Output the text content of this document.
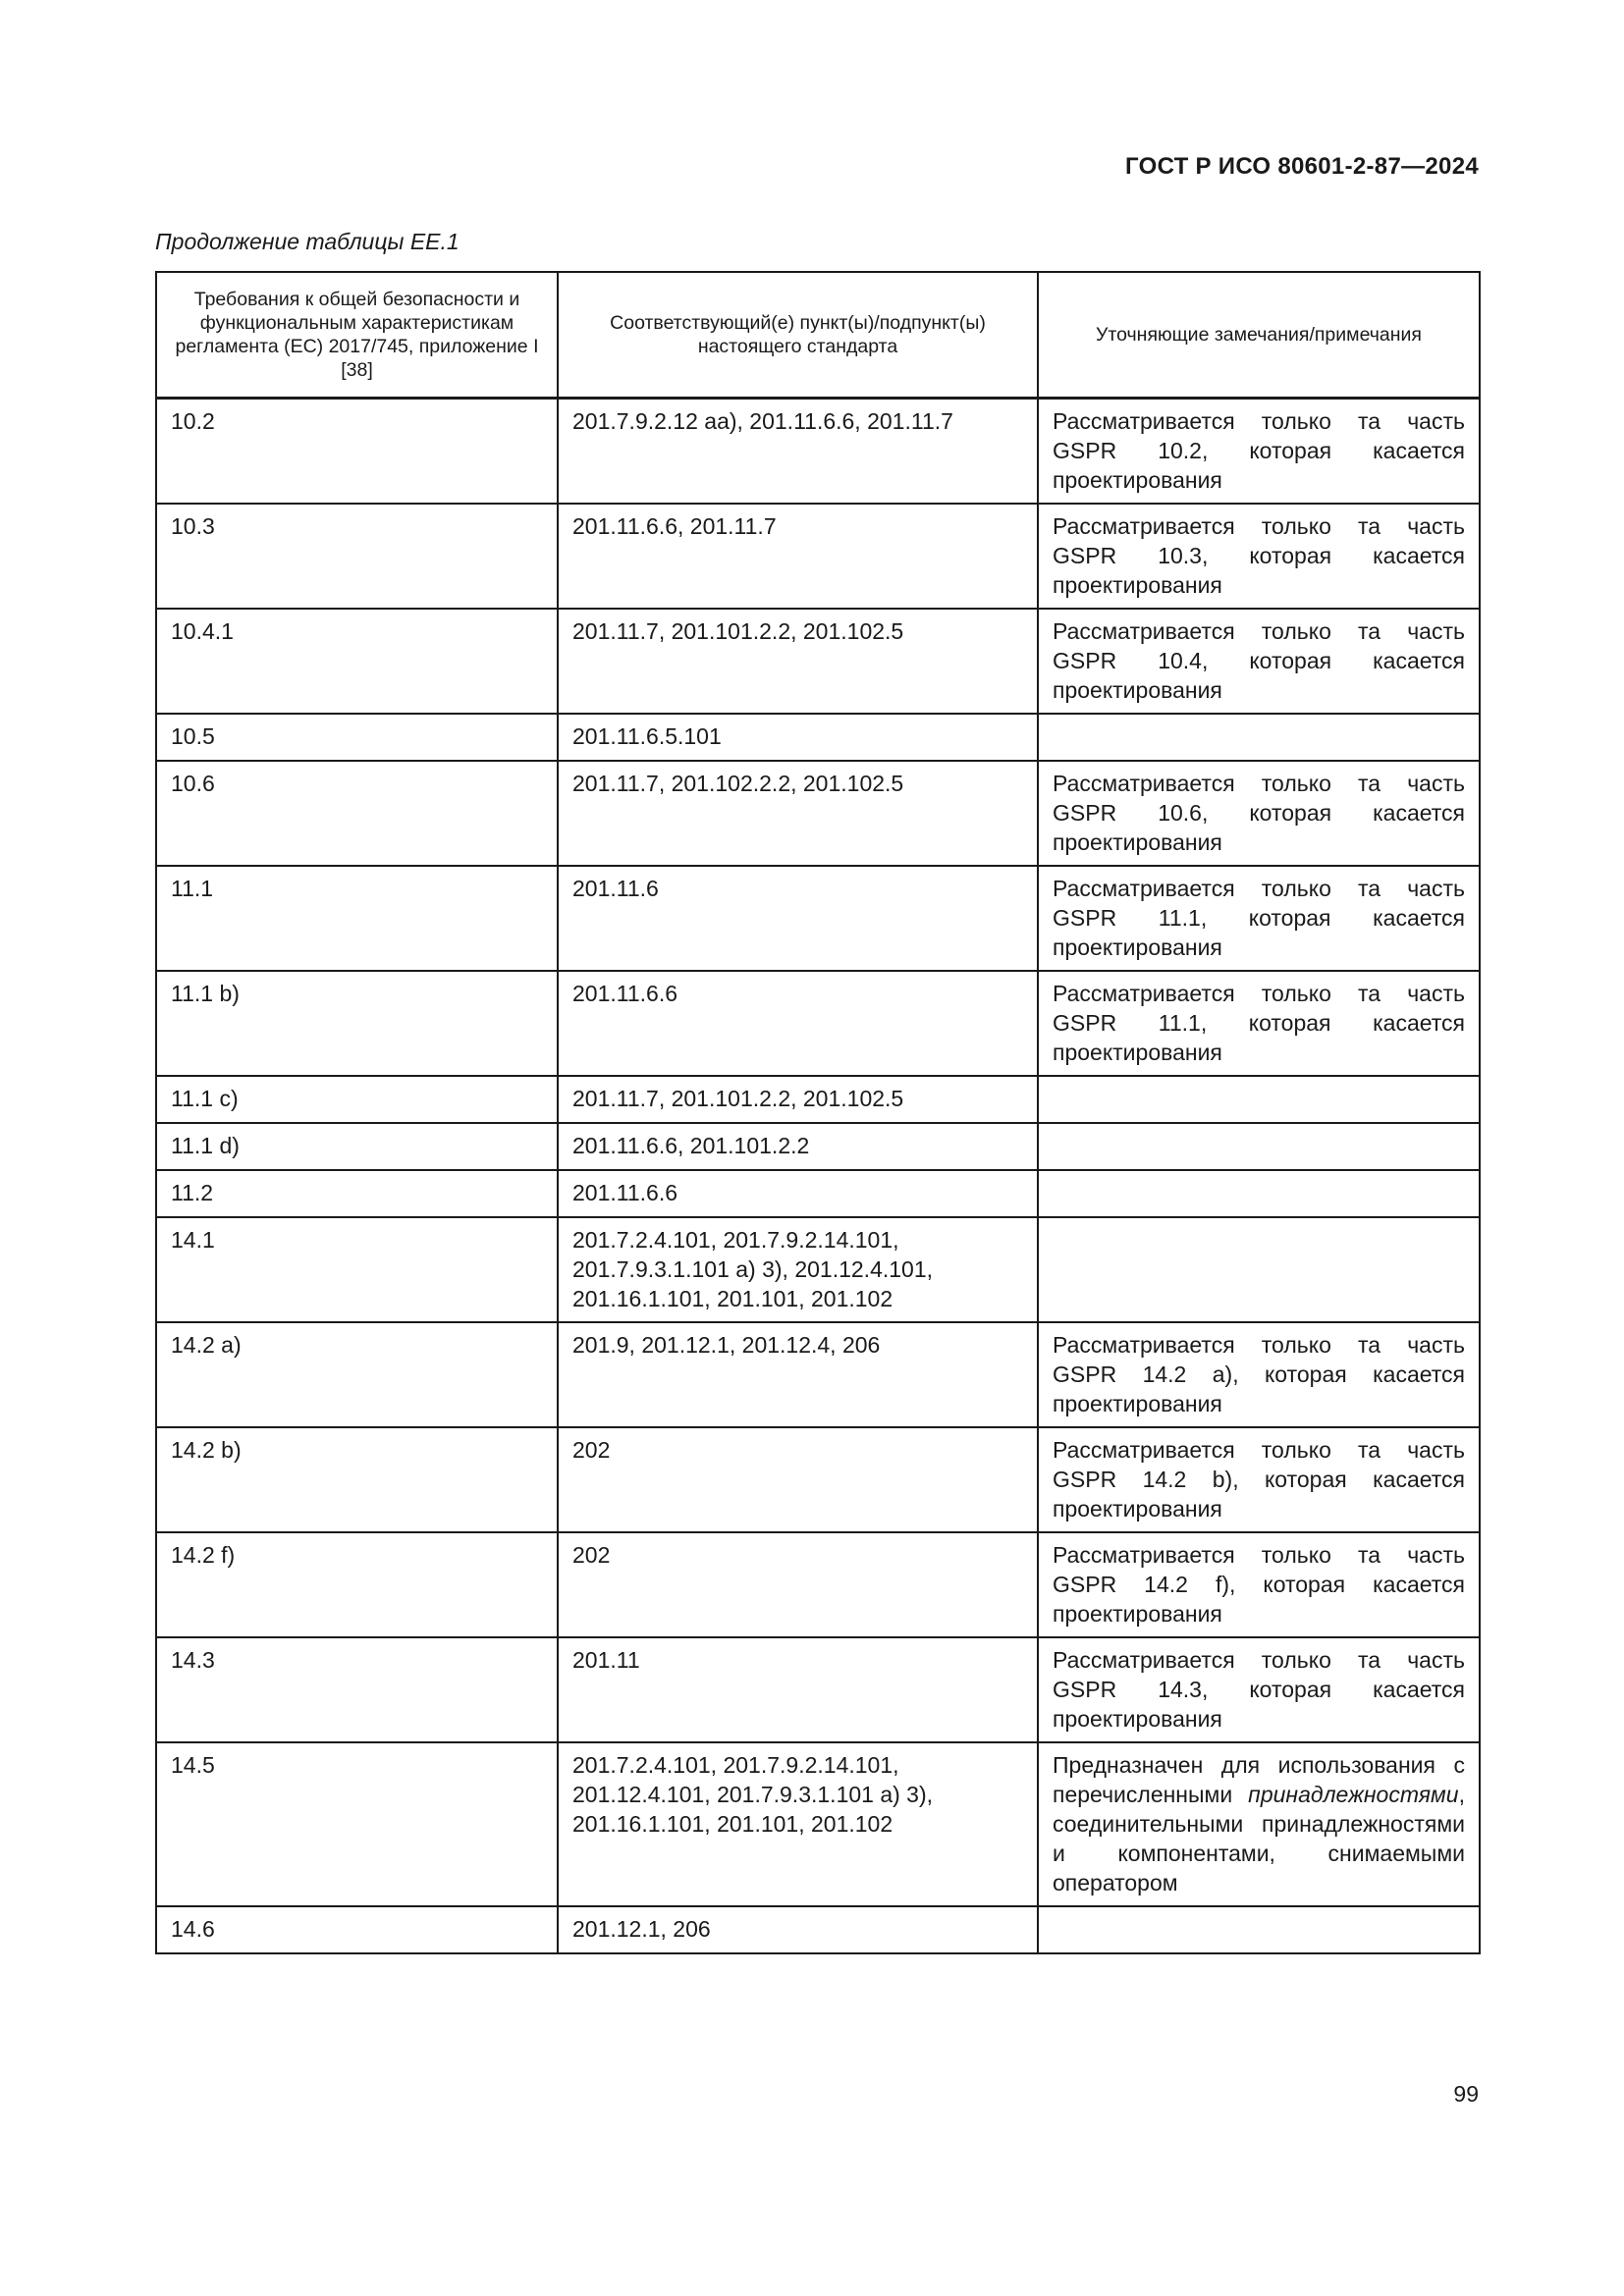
ГОСТ Р ИСО 80601-2-87—2024
Продолжение таблицы ЕЕ.1
Требования к общей безопасности и функциональным характеристикам регламента (ЕС) 2017/745, приложение I [38]	Соответствующий(е) пункт(ы)/подпункт(ы) настоящего стандарта	Уточняющие замечания/примечания
10.2	201.7.9.2.12 aa), 201.11.6.6, 201.11.7	Рассматривается только та часть GSPR 10.2, которая касается проектирования
10.3	201.11.6.6, 201.11.7	Рассматривается только та часть GSPR 10.3, которая касается проектирования
10.4.1	201.11.7, 201.101.2.2, 201.102.5	Рассматривается только та часть GSPR 10.4, которая касается проектирования
10.5	201.11.6.5.101	
10.6	201.11.7, 201.102.2.2, 201.102.5	Рассматривается только та часть GSPR 10.6, которая касается проектирования
11.1	201.11.6	Рассматривается только та часть GSPR 11.1, которая касается проектирования
11.1 b)	201.11.6.6	Рассматривается только та часть GSPR 11.1, которая касается проектирования
11.1 c)	201.11.7, 201.101.2.2, 201.102.5	
11.1 d)	201.11.6.6, 201.101.2.2	
11.2	201.11.6.6	
14.1	201.7.2.4.101, 201.7.9.2.14.101, 201.7.9.3.1.101 a) 3), 201.12.4.101, 201.16.1.101, 201.101, 201.102	
14.2 a)	201.9, 201.12.1, 201.12.4, 206	Рассматривается только та часть GSPR 14.2 a), которая касается проектирования
14.2 b)	202	Рассматривается только та часть GSPR 14.2 b), которая касается проектирования
14.2 f)	202	Рассматривается только та часть GSPR 14.2 f), которая касается проектирования
14.3	201.11	Рассматривается только та часть GSPR 14.3, которая касается проектирования
14.5	201.7.2.4.101, 201.7.9.2.14.101, 201.12.4.101, 201.7.9.3.1.101 a) 3), 201.16.1.101, 201.101, 201.102	Предназначен для использования с перечисленными принадлежностями, соединительными принадлежностями и компонентами, снимаемыми оператором
14.6	201.12.1, 206	
99
